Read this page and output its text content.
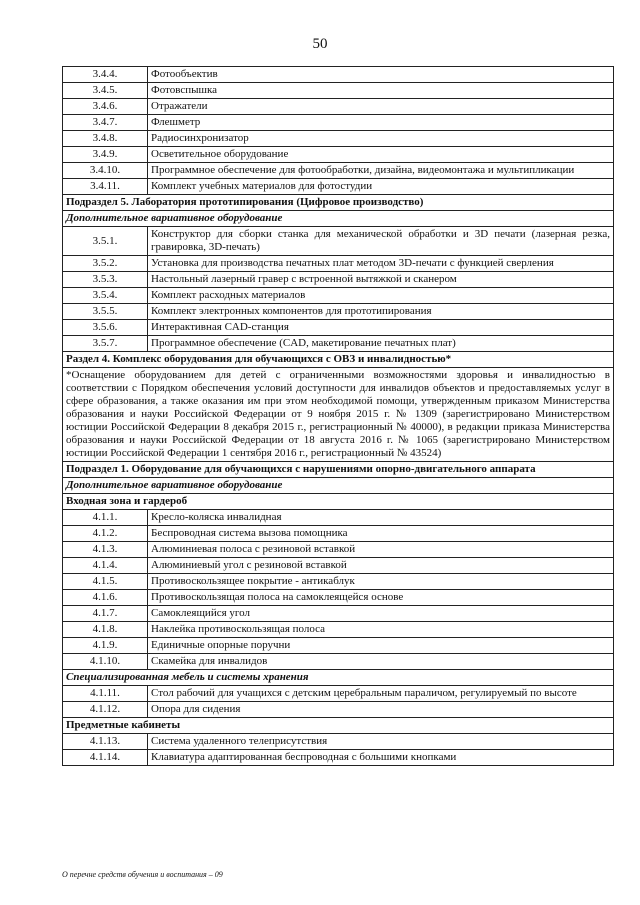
50
3.4.4.	Фотообъектив
3.4.5.	Фотовспышка
3.4.6.	Отражатели
3.4.7.	Флешметр
3.4.8.	Радиосинхронизатор
3.4.9.	Осветительное оборудование
3.4.10.	Программное обеспечение для фотообработки, дизайна, видеомонтажа и мультипликации
3.4.11.	Комплект учебных материалов для фотостудии
Подраздел 5. Лаборатория прототипирования (Цифровое производство)	
Дополнительное вариативное оборудование	
3.5.1.	Конструктор для сборки станка для механической обработки и 3D печати (лазерная резка, гравировка, 3D-печать)
3.5.2.	Установка для производства печатных плат методом 3D-печати с функцией сверления
3.5.3.	Настольный лазерный гравер с встроенной вытяжкой и сканером
3.5.4.	Комплект расходных материалов
3.5.5.	Комплект электронных компонентов для прототипирования
3.5.6.	Интерактивная CAD-станция
3.5.7.	Программное обеспечение (CAD, макетирование печатных плат)
Раздел 4. Комплекс оборудования для обучающихся с ОВЗ и инвалидностью*	
*Оснащение оборудованием для детей с ограниченными возможностями здоровья и инвалидностью в соответствии с Порядком обеспечения условий доступности для инвалидов объектов и предоставляемых услуг в сфере образования, а также оказания им при этом необходимой помощи, утвержденным приказом Министерства образования и науки Российской Федерации от 9 ноября 2015 г. № 1309 (зарегистрировано Министерством юстиции Российской Федерации 8 декабря 2015 г., регистрационный № 40000), в редакции приказа Министерства образования и науки Российской Федерации от 18 августа 2016 г. № 1065 (зарегистрировано Министерством юстиции Российской Федерации 1 сентября 2016 г., регистрационный № 43524)	
Подраздел 1. Оборудование для обучающихся с нарушениями опорно-двигательного аппарата	
Дополнительное вариативное оборудование	
Входная зона и гардероб	
4.1.1.	Кресло-коляска инвалидная
4.1.2.	Беспроводная система вызова помощника
4.1.3.	Алюминиевая полоса с резиновой вставкой
4.1.4.	Алюминиевый угол с резиновой вставкой
4.1.5.	Противоскользящее покрытие - антикаблук
4.1.6.	Противоскользящая полоса на самоклеящейся основе
4.1.7.	Самоклеящийся угол
4.1.8.	Наклейка противоскользящая полоса
4.1.9.	Единичные опорные поручни
4.1.10.	Скамейка для инвалидов
Специализированная мебель и системы хранения	
4.1.11.	Стол рабочий для учащихся с детским церебральным параличом, регулируемый по высоте
4.1.12.	Опора для сидения
Предметные кабинеты	
4.1.13.	Система удаленного телеприсутствия
4.1.14.	Клавиатура адаптированная беспроводная с большими кнопками
О перечне средств обучения и воспитания – 09
